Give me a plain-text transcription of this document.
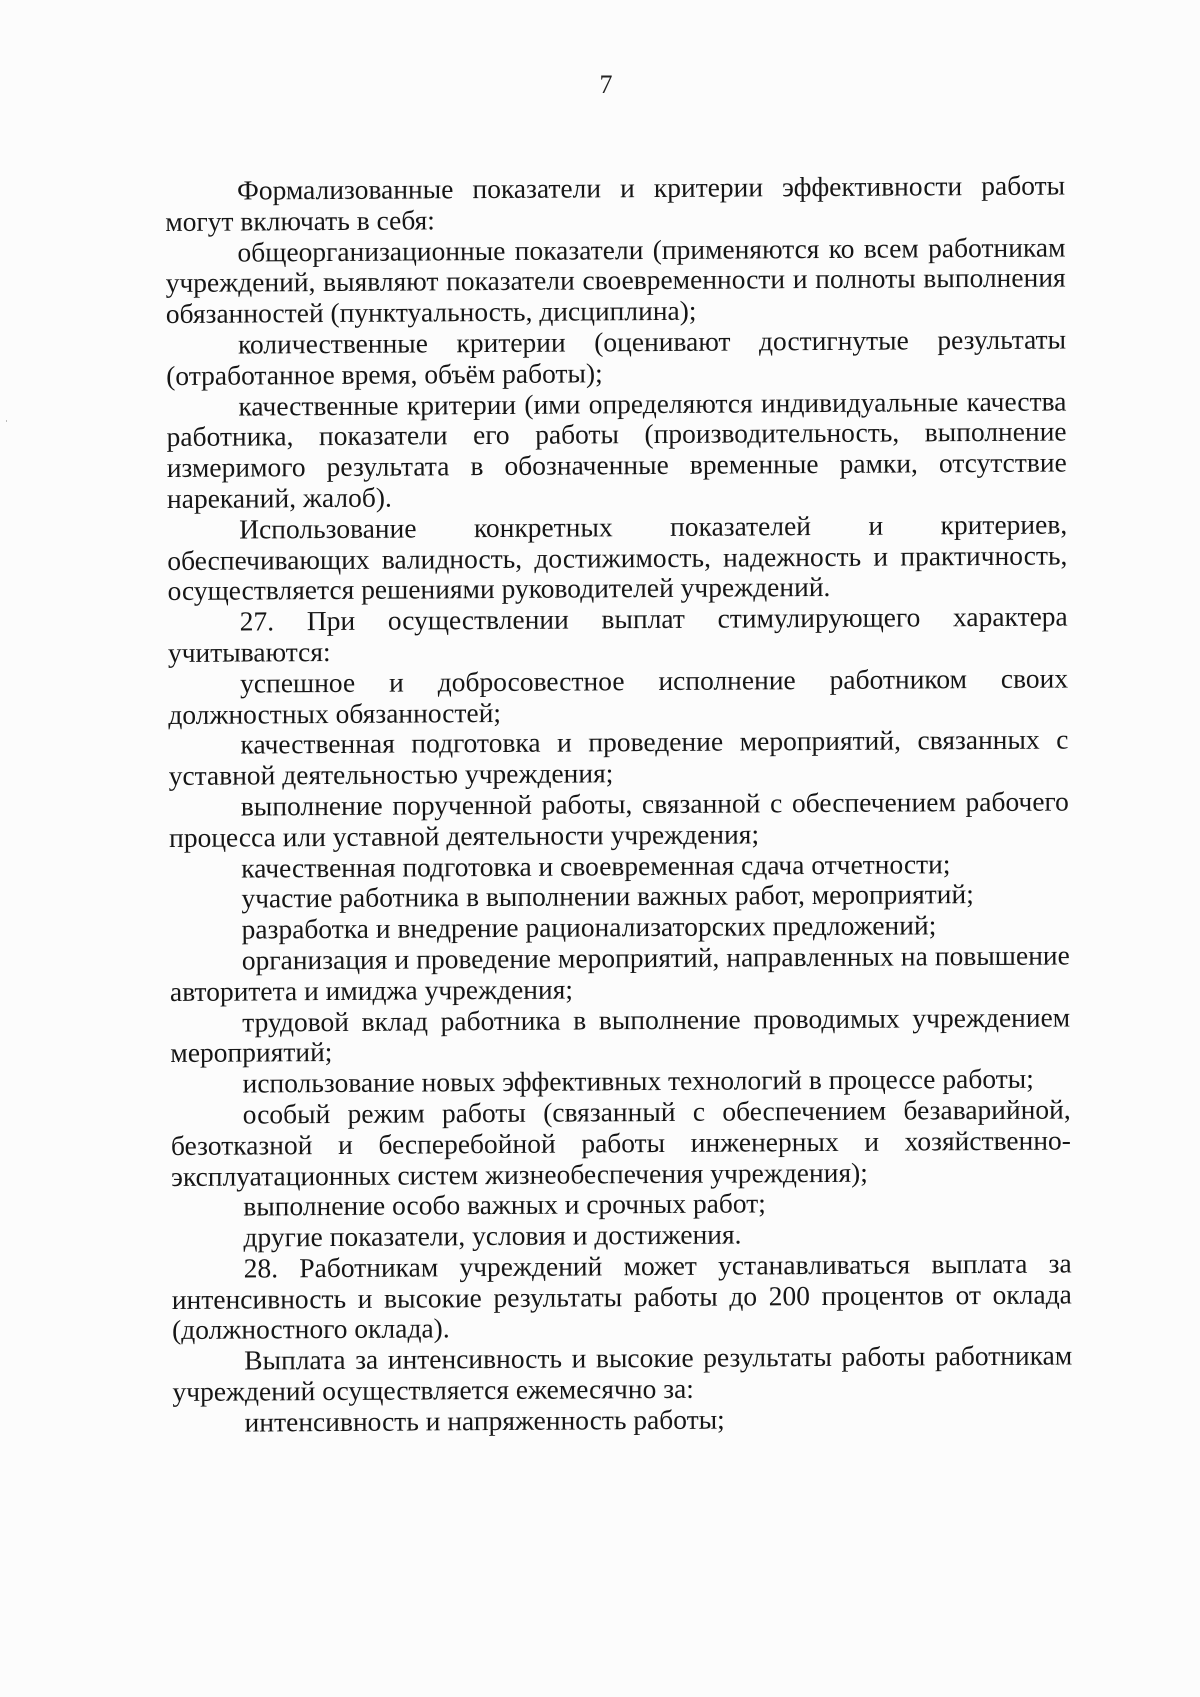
7

Формализованные показатели и критерии эффективности работы могут включать в себя:

общеорганизационные показатели (применяются ко всем работникам учреждений, выявляют показатели своевременности и полноты выполнения обязанностей (пунктуальность, дисциплина);

количественные критерии (оценивают достигнутые результаты (отработанное время, объём работы);

качественные критерии (ими определяются индивидуальные качества работника, показатели его работы (производительность, выполнение измеримого результата в обозначенные временные рамки, отсутствие нареканий, жалоб).

Использование конкретных показателей и критериев, обеспечивающих валидность, достижимость, надежность и практичность, осуществляется решениями руководителей учреждений.

27. При осуществлении выплат стимулирующего характера учитываются:

успешное и добросовестное исполнение работником своих должностных обязанностей;

качественная подготовка и проведение мероприятий, связанных с уставной деятельностью учреждения;

выполнение порученной работы, связанной с обеспечением рабочего процесса или уставной деятельности учреждения;

качественная подготовка и своевременная сдача отчетности;

участие работника в выполнении важных работ, мероприятий;

разработка и внедрение рационализаторских предложений;

организация и проведение мероприятий, направленных на повышение авторитета и имиджа учреждения;

трудовой вклад работника в выполнение проводимых учреждением мероприятий;

использование новых эффективных технологий в процессе работы;

особый режим работы (связанный с обеспечением безаварийной, безотказной и бесперебойной работы инженерных и хозяйственно-эксплуатационных систем жизнеобеспечения учреждения);

выполнение особо важных и срочных работ;

другие показатели, условия и достижения.

28. Работникам учреждений может устанавливаться выплата за интенсивность и высокие результаты работы до 200 процентов от оклада (должностного оклада).

Выплата за интенсивность и высокие результаты работы работникам учреждений осуществляется ежемесячно за:

интенсивность и напряженность работы;
